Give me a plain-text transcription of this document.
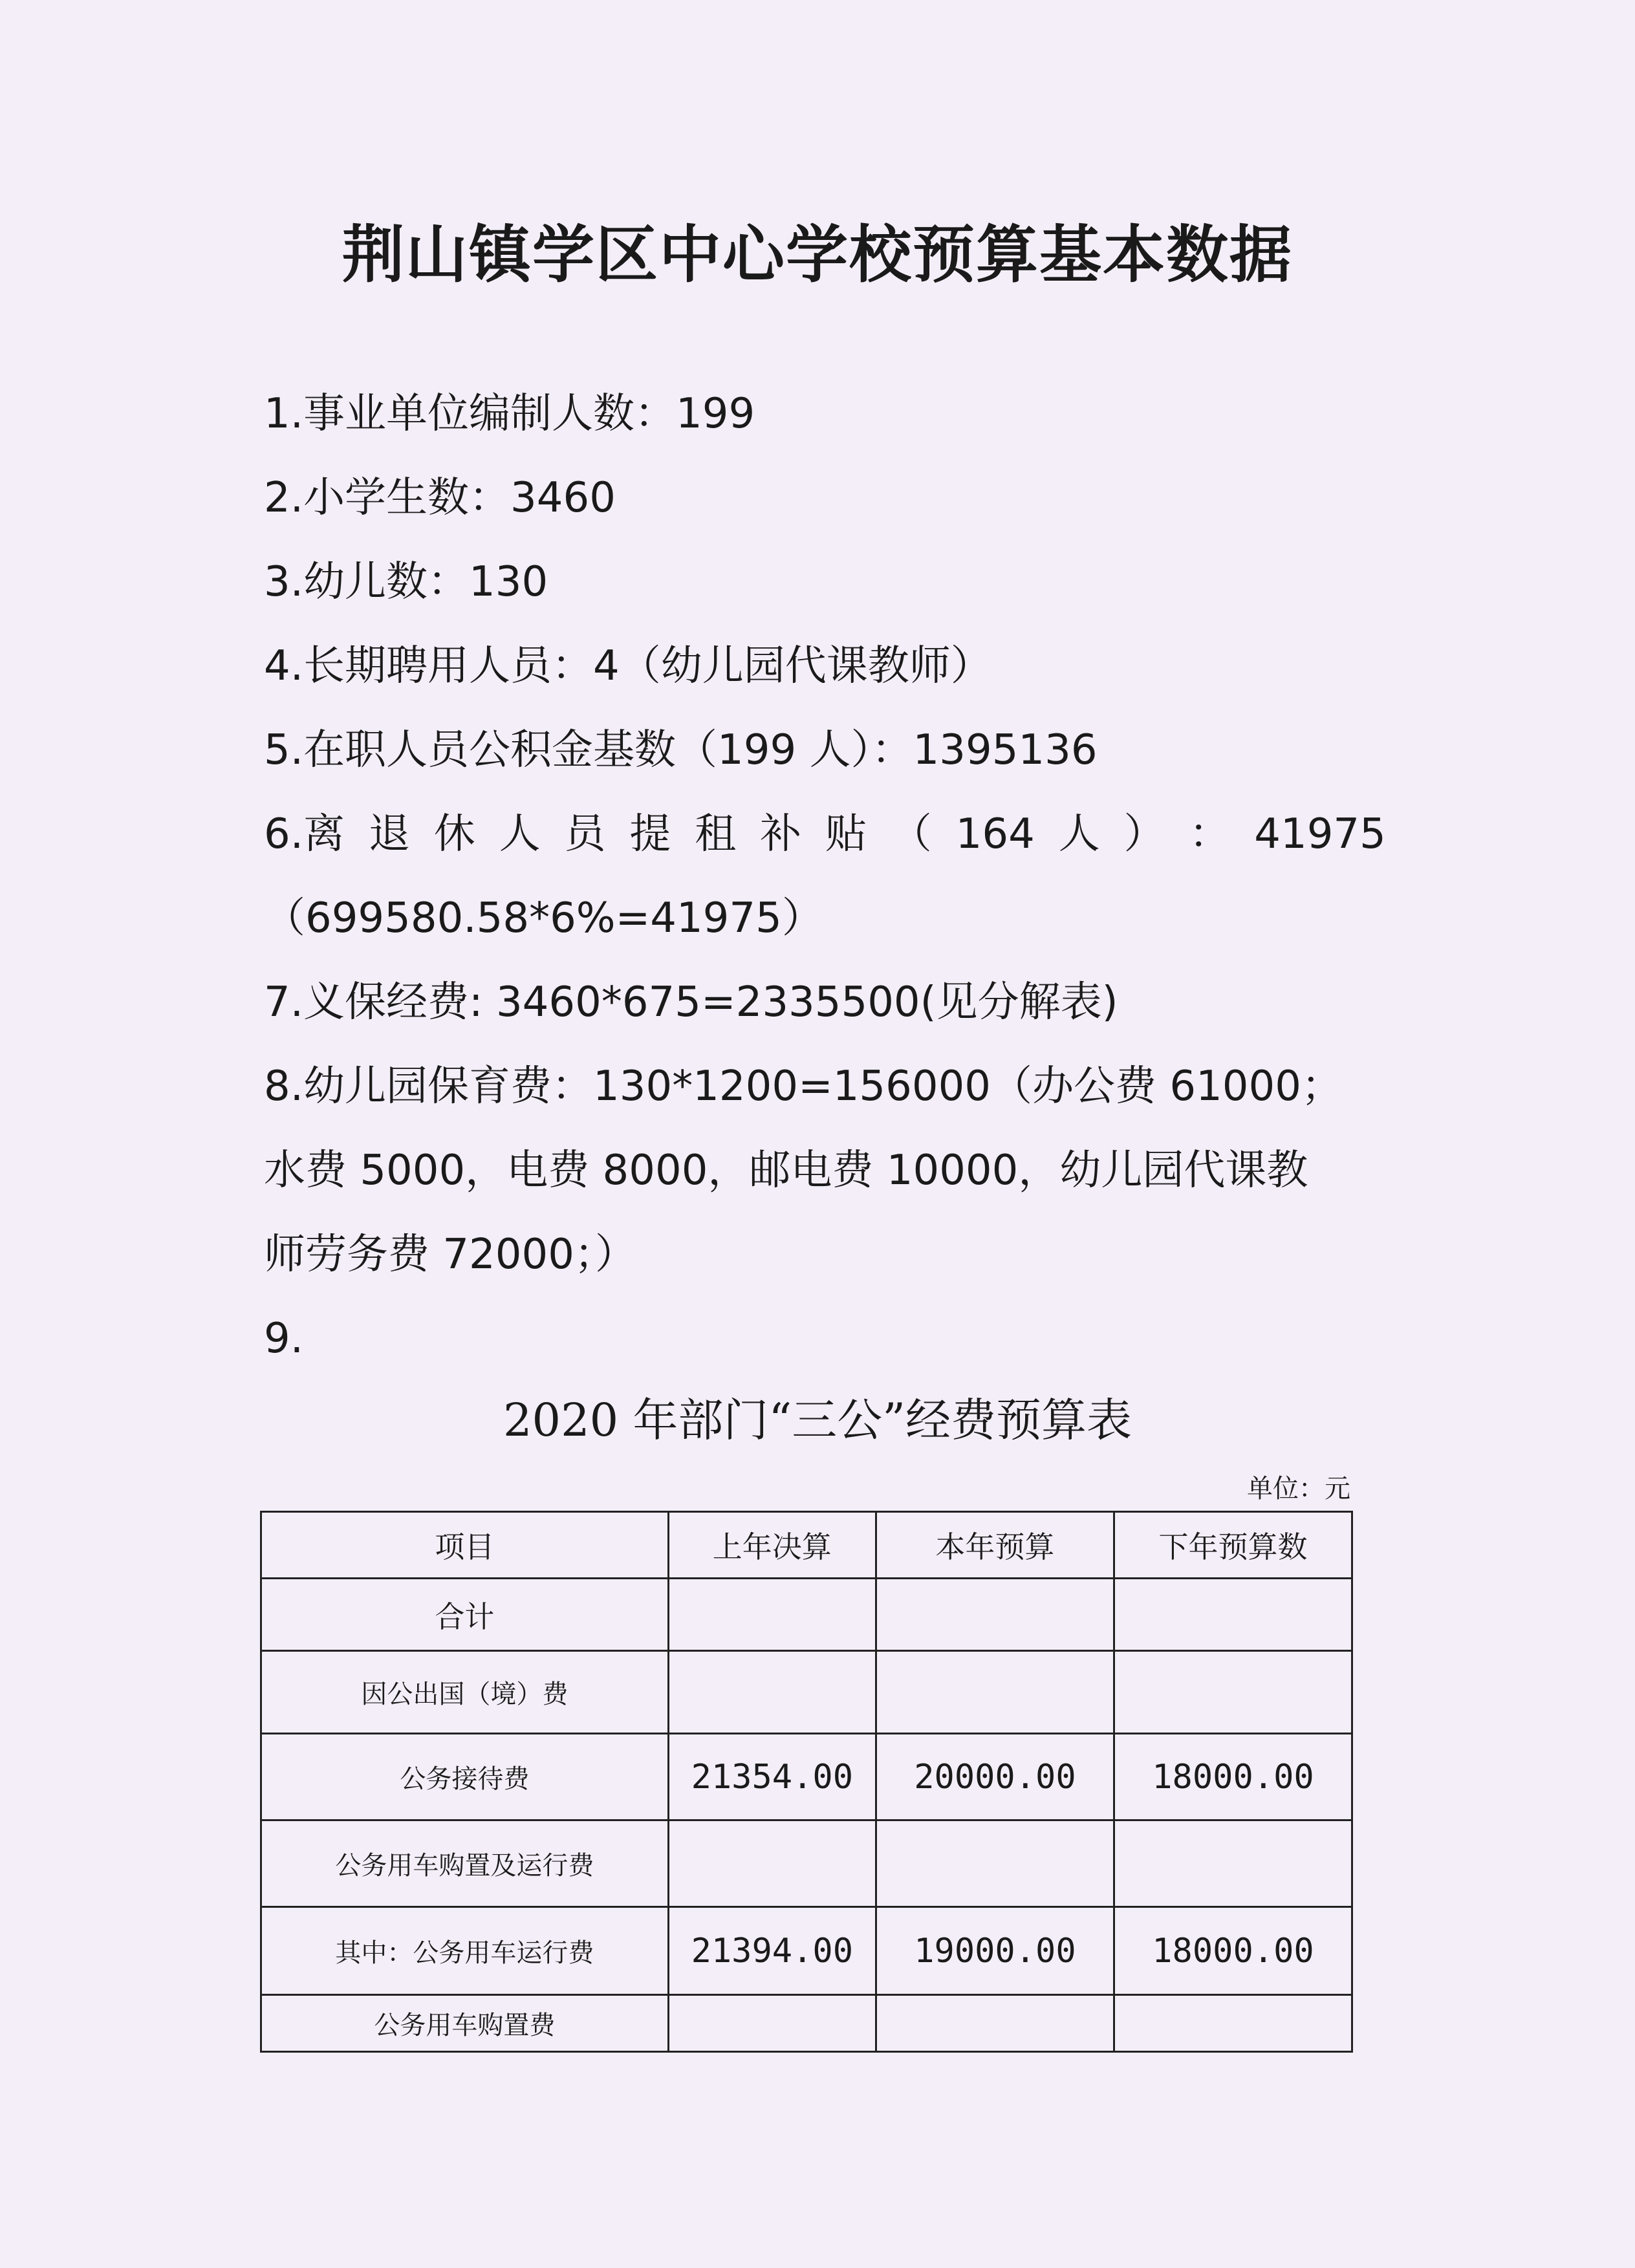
荆山镇学区中心学校预算基本数据
1.事业单位编制人数：199
2.小学生数：3460
3.幼儿数：130
4.长期聘用人员：4（幼儿园代课教师）
5.在职人员公积金基数（199 人）：1395136
6.离 退 休 人 员 提 租 补 贴 （ 164 人 ） ： 41975
（699580.58*6%=41975）
7.义保经费: 3460*675=2335500(见分解表)
8.幼儿园保育费：130*1200=156000（办公费 61000；
水费 5000，电费 8000，邮电费 10000，幼儿园代课教
师劳务费 72000；）
9.
2020 年部门“三公”经费预算表
单位：元
项目	上年决算	本年预算	下年预算数
合计			
因公出国（境）费			
公务接待费	21354.00	20000.00	18000.00
公务用车购置及运行费			
其中：公务用车运行费	21394.00	19000.00	18000.00
公务用车购置费			
